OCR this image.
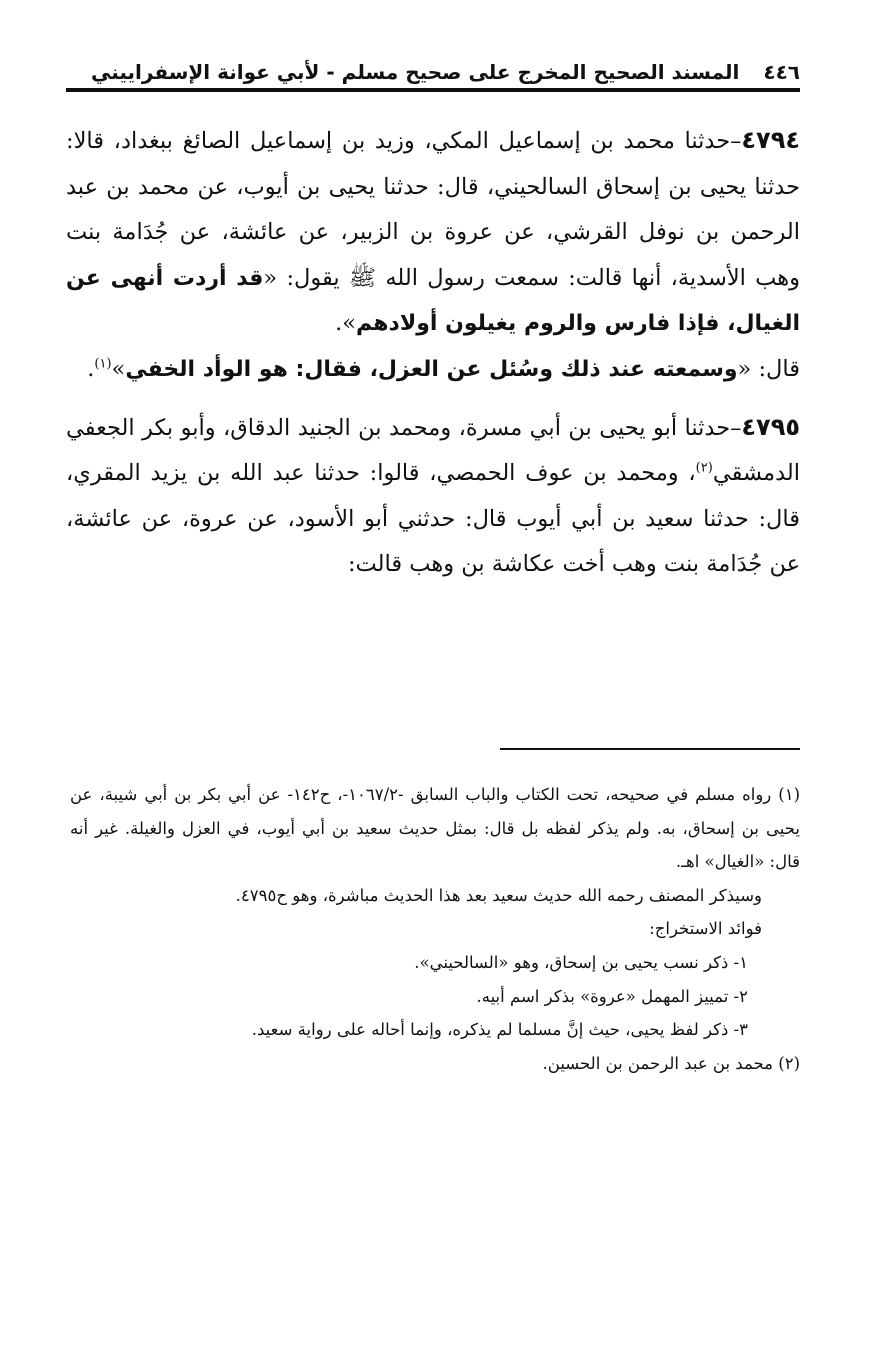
٤٤٦
المسند الصحيح المخرج على صحيح مسلم - لأبي عوانة الإسفراييني

٤٧٩٤–حدثنا محمد بن إسماعيل المكي، وزيد بن إسماعيل الصائغ ببغداد، قالا: حدثنا يحيى بن إسحاق السالحيني، قال: حدثنا يحيى بن أيوب، عن محمد بن عبد الرحمن بن نوفل القرشي، عن عروة بن الزبير، عن عائشة، عن جُدَامة بنت وهب الأسدية، أنها قالت: سمعت رسول الله ﷺ يقول: «قد أردت أنهى عن الغيال، فإذا فارس والروم يغيلون أولادهم».

قال: «وسمعته عند ذلك وسُئل عن العزل، فقال: هو الوأد الخفي»$^{(١)}$.

٤٧٩٥–حدثنا أبو يحيى بن أبي مسرة، ومحمد بن الجنيد الدقاق، وأبو بكر الجعفي الدمشقي$^{(٢)}$، ومحمد بن عوف الحمصي، قالوا: حدثنا عبد الله بن يزيد المقري، قال: حدثنا سعيد بن أبي أيوب قال: حدثني أبو الأسود، عن عروة، عن عائشة، عن جُدَامة بنت وهب أخت عكاشة بن وهب قالت:

(١) رواه مسلم في صحيحه، تحت الكتاب والباب السابق -١٠٦٧/٢-، ح١٤٢- عن أبي بكر بن أبي شيبة، عن يحيى بن إسحاق، به. ولم يذكر لفظه بل قال: بمثل حديث سعيد بن أبي أيوب، في العزل والغيلة. غير أنه قال: «الغيال» اهـ.

وسيذكر المصنف رحمه الله حديث سعيد بعد هذا الحديث مباشرة، وهو ح٤٧٩٥.

فوائد الاستخراج:

١- ذكر نسب يحيى بن إسحاق، وهو «السالحيني».

٢- تمييز المهمل «عروة» بذكر اسم أبيه.

٣- ذكر لفظ يحيى، حيث إنَّ مسلما لم يذكره، وإنما أحاله على رواية سعيد.

(٢) محمد بن عبد الرحمن بن الحسين.
